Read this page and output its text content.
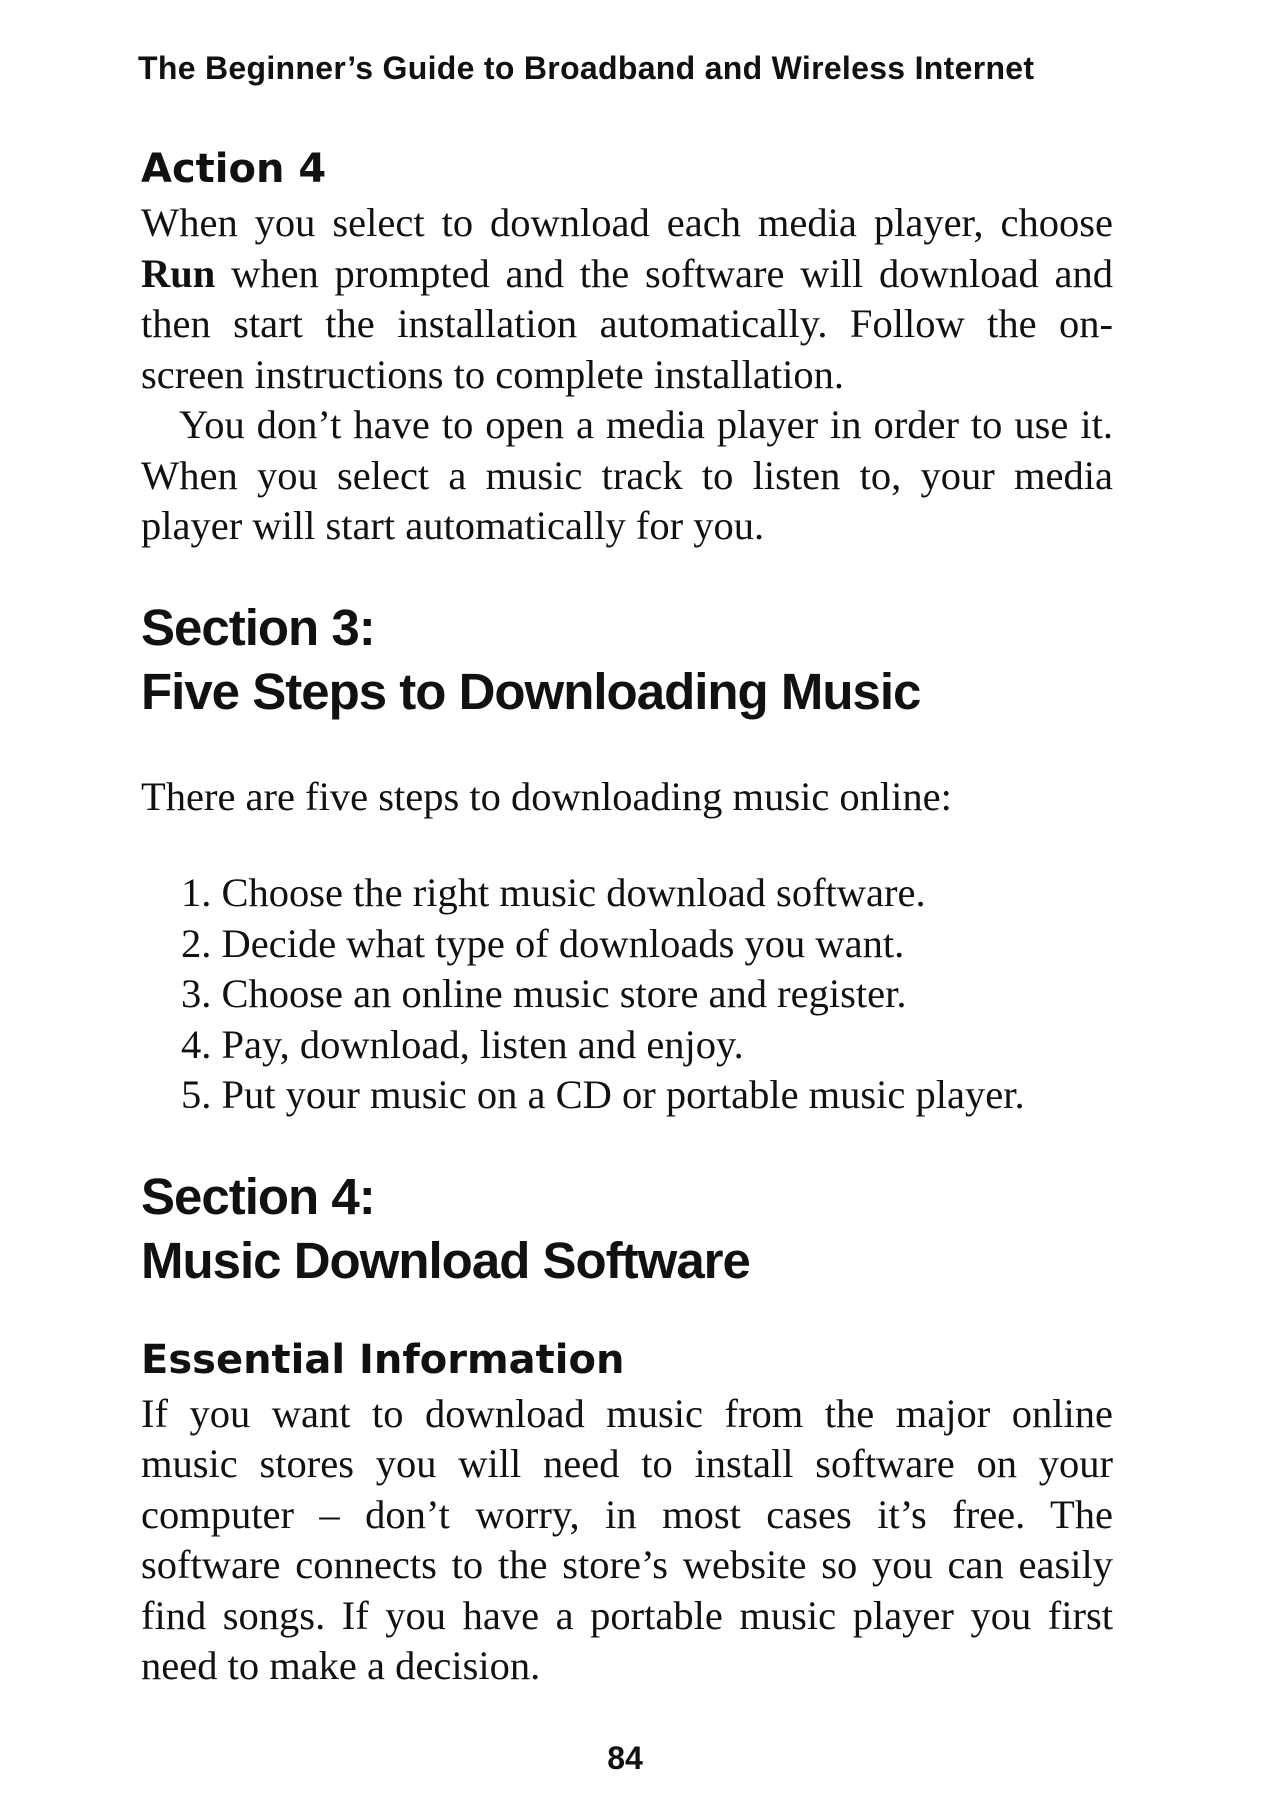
The Beginner’s Guide to Broadband and Wireless Internet
Action 4

When you select to download each media player, choose Run when prompted and the software will download and then start the installation automatically. Follow the on-screen instructions to complete installation.

You don’t have to open a media player in order to use it. When you select a music track to listen to, your media player will start automatically for you.

Section 3:
Five Steps to Downloading Music

There are five steps to downloading music online:

1. Choose the right music download software.
2. Decide what type of downloads you want.
3. Choose an online music store and register.
4. Pay, download, listen and enjoy.
5. Put your music on a CD or portable music player.
Section 4:
Music Download Software
Essential Information

If you want to download music from the major online music stores you will need to install software on your computer – don’t worry, in most cases it’s free. The software connects to the store’s website so you can easily find songs. If you have a portable music player you first need to make a decision.

84
